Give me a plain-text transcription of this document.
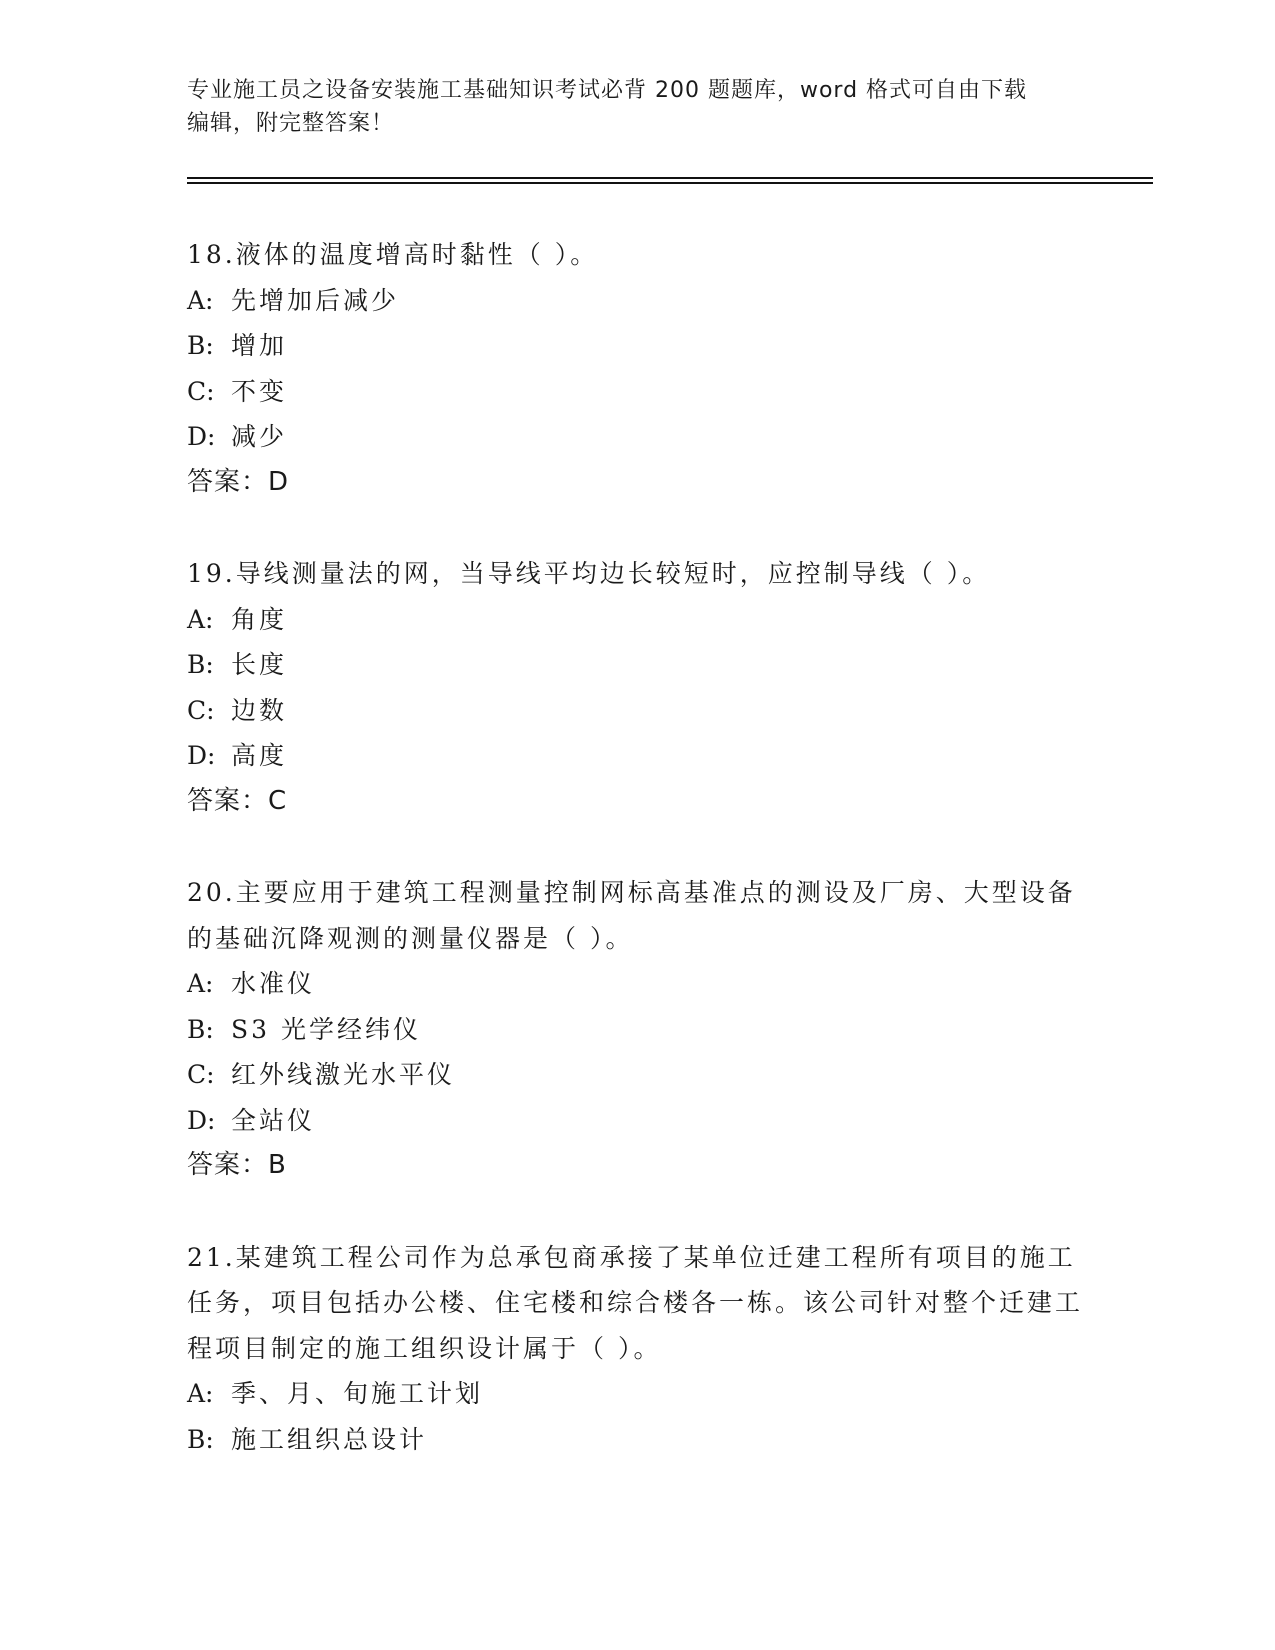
专业施工员之设备安装施工基础知识考试必背 200 题题库，word 格式可自由下载
编辑，附完整答案！

18.液体的温度增高时黏性（ ）。

A: 先增加后减少

B: 增加

C: 不变

D: 减少

答案：D

19.导线测量法的网，当导线平均边长较短时，应控制导线（ ）。

A: 角度

B: 长度

C: 边数

D: 高度

答案：C

20.主要应用于建筑工程测量控制网标高基准点的测设及厂房、大型设备的基础沉降观测的测量仪器是（ ）。

A: 水准仪

B: S3 光学经纬仪

C: 红外线激光水平仪

D: 全站仪

答案：B

21.某建筑工程公司作为总承包商承接了某单位迁建工程所有项目的施工任务，项目包括办公楼、住宅楼和综合楼各一栋。该公司针对整个迁建工程项目制定的施工组织设计属于（ ）。

A: 季、月、旬施工计划

B: 施工组织总设计
